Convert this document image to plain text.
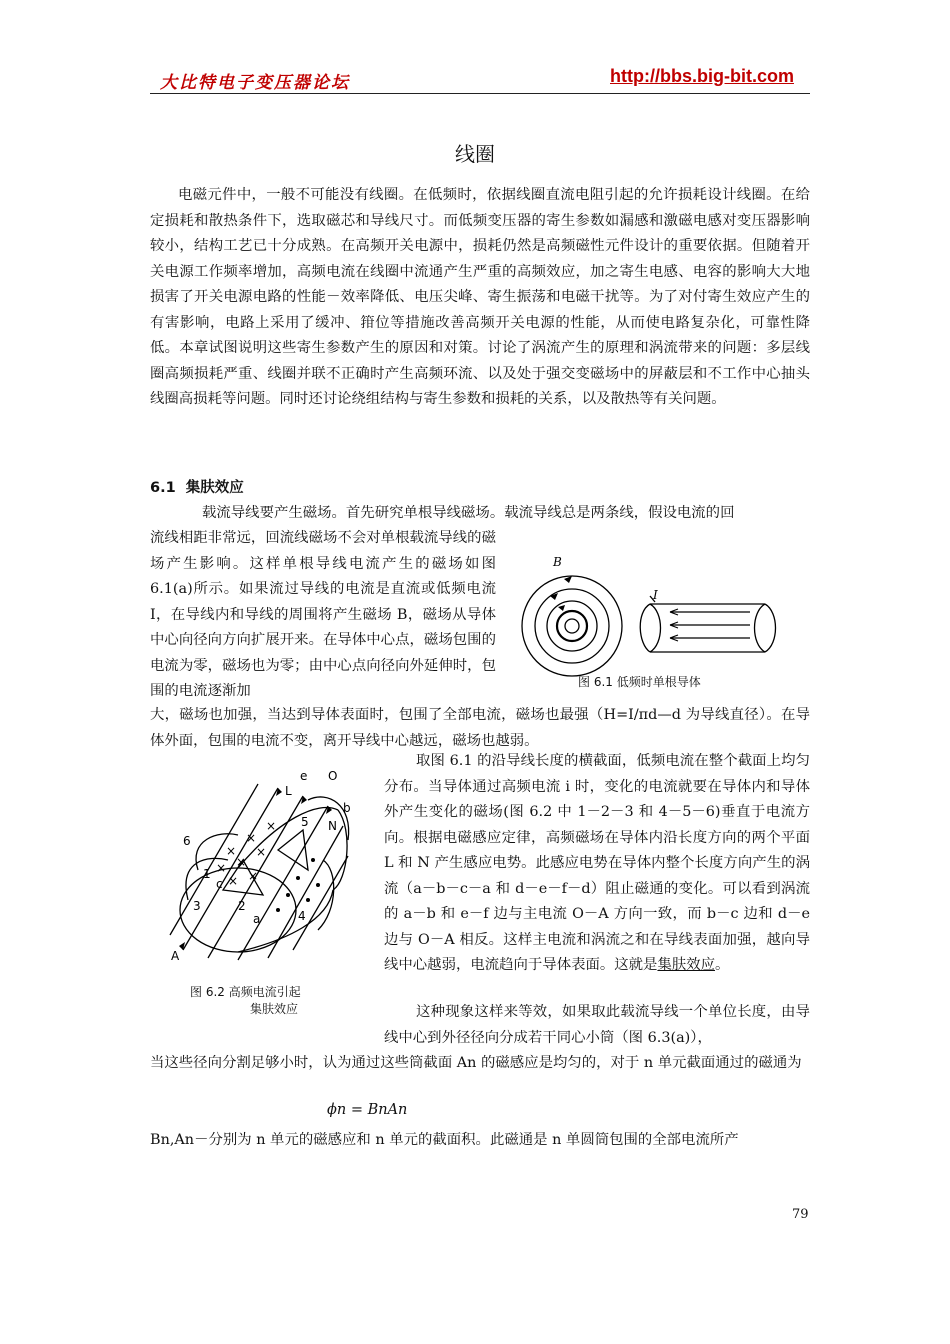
大比特电子变压器论坛	http://bbs.big-bit.com
线圈

电磁元件中，一般不可能没有线圈。在低频时，依据线圈直流电阻引起的允许损耗设计线圈。在给定损耗和散热条件下，选取磁芯和导线尺寸。而低频变压器的寄生参数如漏感和激磁电感对变压器影响较小，结构工艺已十分成熟。在高频开关电源中，损耗仍然是高频磁性元件设计的重要依据。但随着开关电源工作频率增加，高频电流在线圈中流通产生严重的高频效应，加之寄生电感、电容的影响大大地损害了开关电源电路的性能－效率降低、电压尖峰、寄生振荡和电磁干扰等。为了对付寄生效应产生的有害影响，电路上采用了缓冲、箝位等措施改善高频开关电源的性能，从而使电路复杂化，可靠性降低。本章试图说明这些寄生参数产生的原因和对策。讨论了涡流产生的原理和涡流带来的问题：多层线圈高频损耗严重、线圈并联不正确时产生高频环流、以及处于强交变磁场中的屏蔽层和不工作中心抽头线圈高损耗等问题。同时还讨论绕组结构与寄生参数和损耗的关系，以及散热等有关问题。

6.1 集肤效应

载流导线要产生磁场。首先研究单根导线磁场。载流导线总是两条线，假设电流的回

流线相距非常远，回流线磁场不会对单根载流导线的磁场产生影响。这样单根导线电流产生的磁场如图 6.1(a)所示。如果流过导线的电流是直流或低频电流 I，在导线内和导线的周围将产生磁场 B，磁场从导体中心向径向方向扩展开来。在导体中心点，磁场包围的电流为零，磁场也为零；由中心点向径向外延伸时，包围的电流逐渐加

大，磁场也加强，当达到导体表面时，包围了全部电流，磁场也最强（H=I/πd—d 为导线直径）。在导体外面，包围的电流不变，离开导线中心越远，磁场也越弱。

B
I
图 6.1 低频时单根导体
e O
L
b
5 N
6
1
c
3	2
a	4
A
×
×
×
× ×
×
× ×
图 6.2 高频电流引起
集肤效应

取图 6.1 的沿导线长度的横截面，低频电流在整个截面上均匀分布。当导体通过高频电流 i 时，变化的电流就要在导体内和导体外产生变化的磁场(图 6.2 中 1－2－3 和 4－5－6)垂直于电流方向。根据电磁感应定律，高频磁场在导体内沿长度方向的两个平面 L 和 N 产生感应电势。此感应电势在导体内整个长度方向产生的涡流（a－b－c－a 和 d－e－f－d）阻止磁通的变化。可以看到涡流的 a－b 和 e－f 边与主电流 O－A 方向一致，而 b－c 边和 d－e 边与 O－A 相反。这样主电流和涡流之和在导线表面加强，越向导线中心越弱，电流趋向于导体表面。这就是集肤效应。

这种现象这样来等效，如果取此载流导线一个单位长度，由导线中心到外径径向分成若干同心小筒（图 6.3(a)），

当这些径向分割足够小时，认为通过这些筒截面 An 的磁感应是均匀的，对于 n 单元截面通过的磁通为

ϕn = BnAn

Bn,An－分别为 n 单元的磁感应和 n 单元的截面积。此磁通是 n 单圆筒包围的全部电流所产

79
